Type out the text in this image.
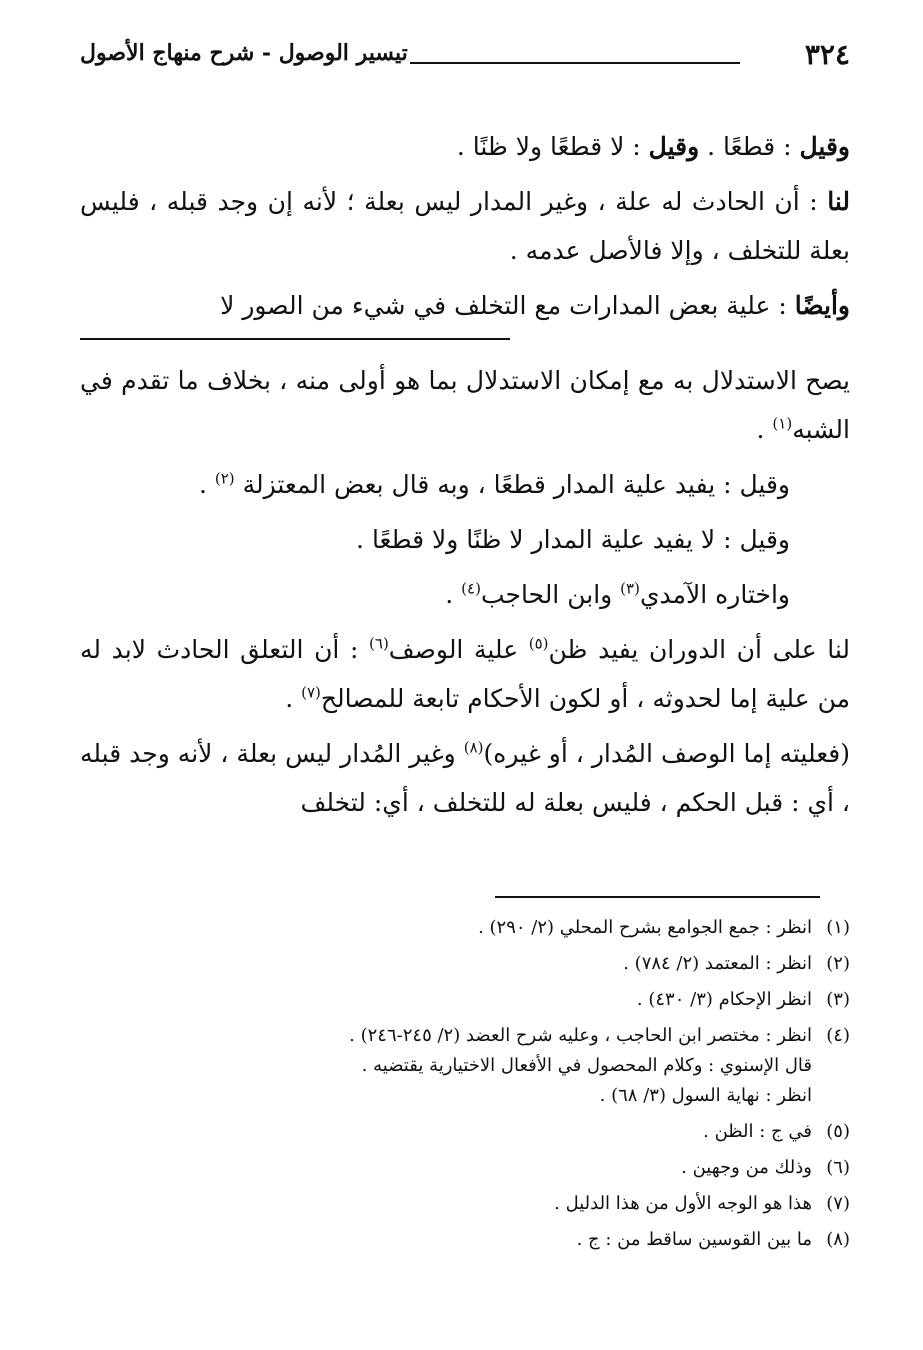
٣٢٤
تيسير الوصول - شرح منهاج الأصول

وقيل : قطعًا . وقيل : لا قطعًا ولا ظنًا .

لنا : أن الحادث له علة ، وغير المدار ليس بعلة ؛ لأنه إن وجد قبله ، فليس بعلة للتخلف ، وإلا فالأصل عدمه .

وأيضًا : علية بعض المدارات مع التخلف في شيء من الصور لا

يصح الاستدلال به مع إمكان الاستدلال بما هو أولى منه ، بخلاف ما تقدم في الشبه$^{(١)}$ .

وقيل : يفيد علية المدار قطعًا ، وبه قال بعض المعتزلة $^{(٢)}$ .

وقيل : لا يفيد علية المدار لا ظنًا ولا قطعًا .

واختاره الآمدي$^{(٣)}$ وابن الحاجب$^{(٤)}$ .

لنا على أن الدوران يفيد ظن$^{(٥)}$ علية الوصف$^{(٦)}$ : أن التعلق الحادث لابد له من علية إما لحدوثه ، أو لكون الأحكام تابعة للمصالح$^{(٧)}$ .

(فعليته إما الوصف المُدار ، أو غيره)$^{(٨)}$ وغير المُدار ليس بعلة ، لأنه وجد قبله ، أي : قبل الحكم ، فليس بعلة له للتخلف ، أي: لتخلف

(١)انظر : جمع الجوامع بشرح المحلي (٢/ ٢٩٠) .

(٢)انظر : المعتمد (٢/ ٧٨٤) .

(٣)انظر الإحكام (٣/ ٤٣٠) .

(٤)انظر : مختصر ابن الحاجب ، وعليه شرح العضد (٢/ ٢٤٥-٢٤٦) .

قال الإسنوي : وكلام المحصول في الأفعال الاختيارية يقتضيه .

انظر : نهاية السول (٣/ ٦٨) .

(٥)في ج : الظن .

(٦)وذلك من وجهين .

(٧)هذا هو الوجه الأول من هذا الدليل .

(٨)ما بين القوسين ساقط من : ج .
